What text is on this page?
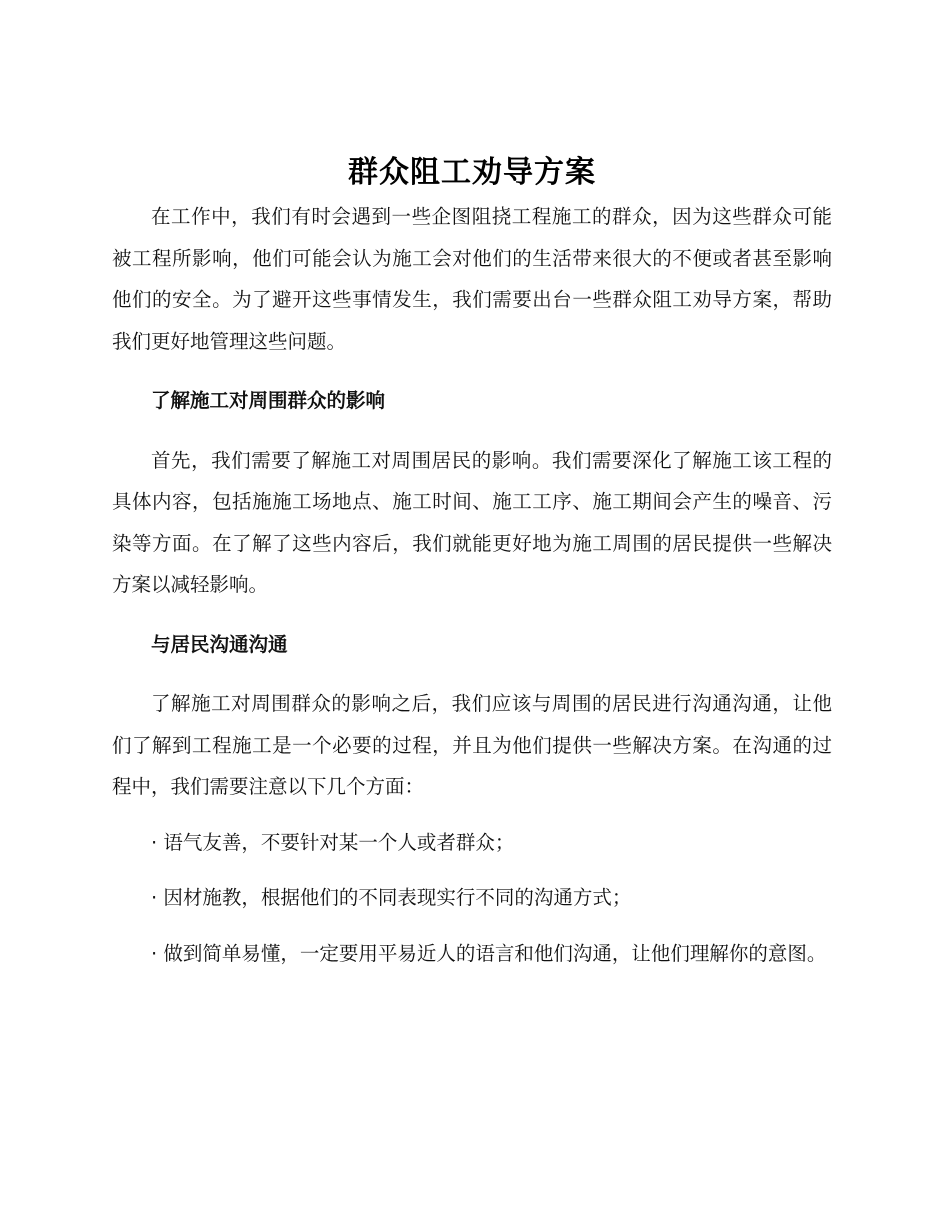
群众阻工劝导方案

在工作中，我们有时会遇到一些企图阻挠工程施工的群众，因为这些群众可能被工程所影响，他们可能会认为施工会对他们的生活带来很大的不便或者甚至影响他们的安全。为了避开这些事情发生，我们需要出台一些群众阻工劝导方案，帮助我们更好地管理这些问题。

了解施工对周围群众的影响

首先，我们需要了解施工对周围居民的影响。我们需要深化了解施工该工程的具体内容，包括施施工场地点、施工时间、施工工序、施工期间会产生的噪音、污染等方面。在了解了这些内容后，我们就能更好地为施工周围的居民提供一些解决方案以减轻影响。

与居民沟通沟通

了解施工对周围群众的影响之后，我们应该与周围的居民进行沟通沟通，让他们了解到工程施工是一个必要的过程，并且为他们提供一些解决方案。在沟通的过程中，我们需要注意以下几个方面：

· 语气友善，不要针对某一个人或者群众；

· 因材施教，根据他们的不同表现实行不同的沟通方式；

· 做到简单易懂，一定要用平易近人的语言和他们沟通，让他们理解你的意图。
